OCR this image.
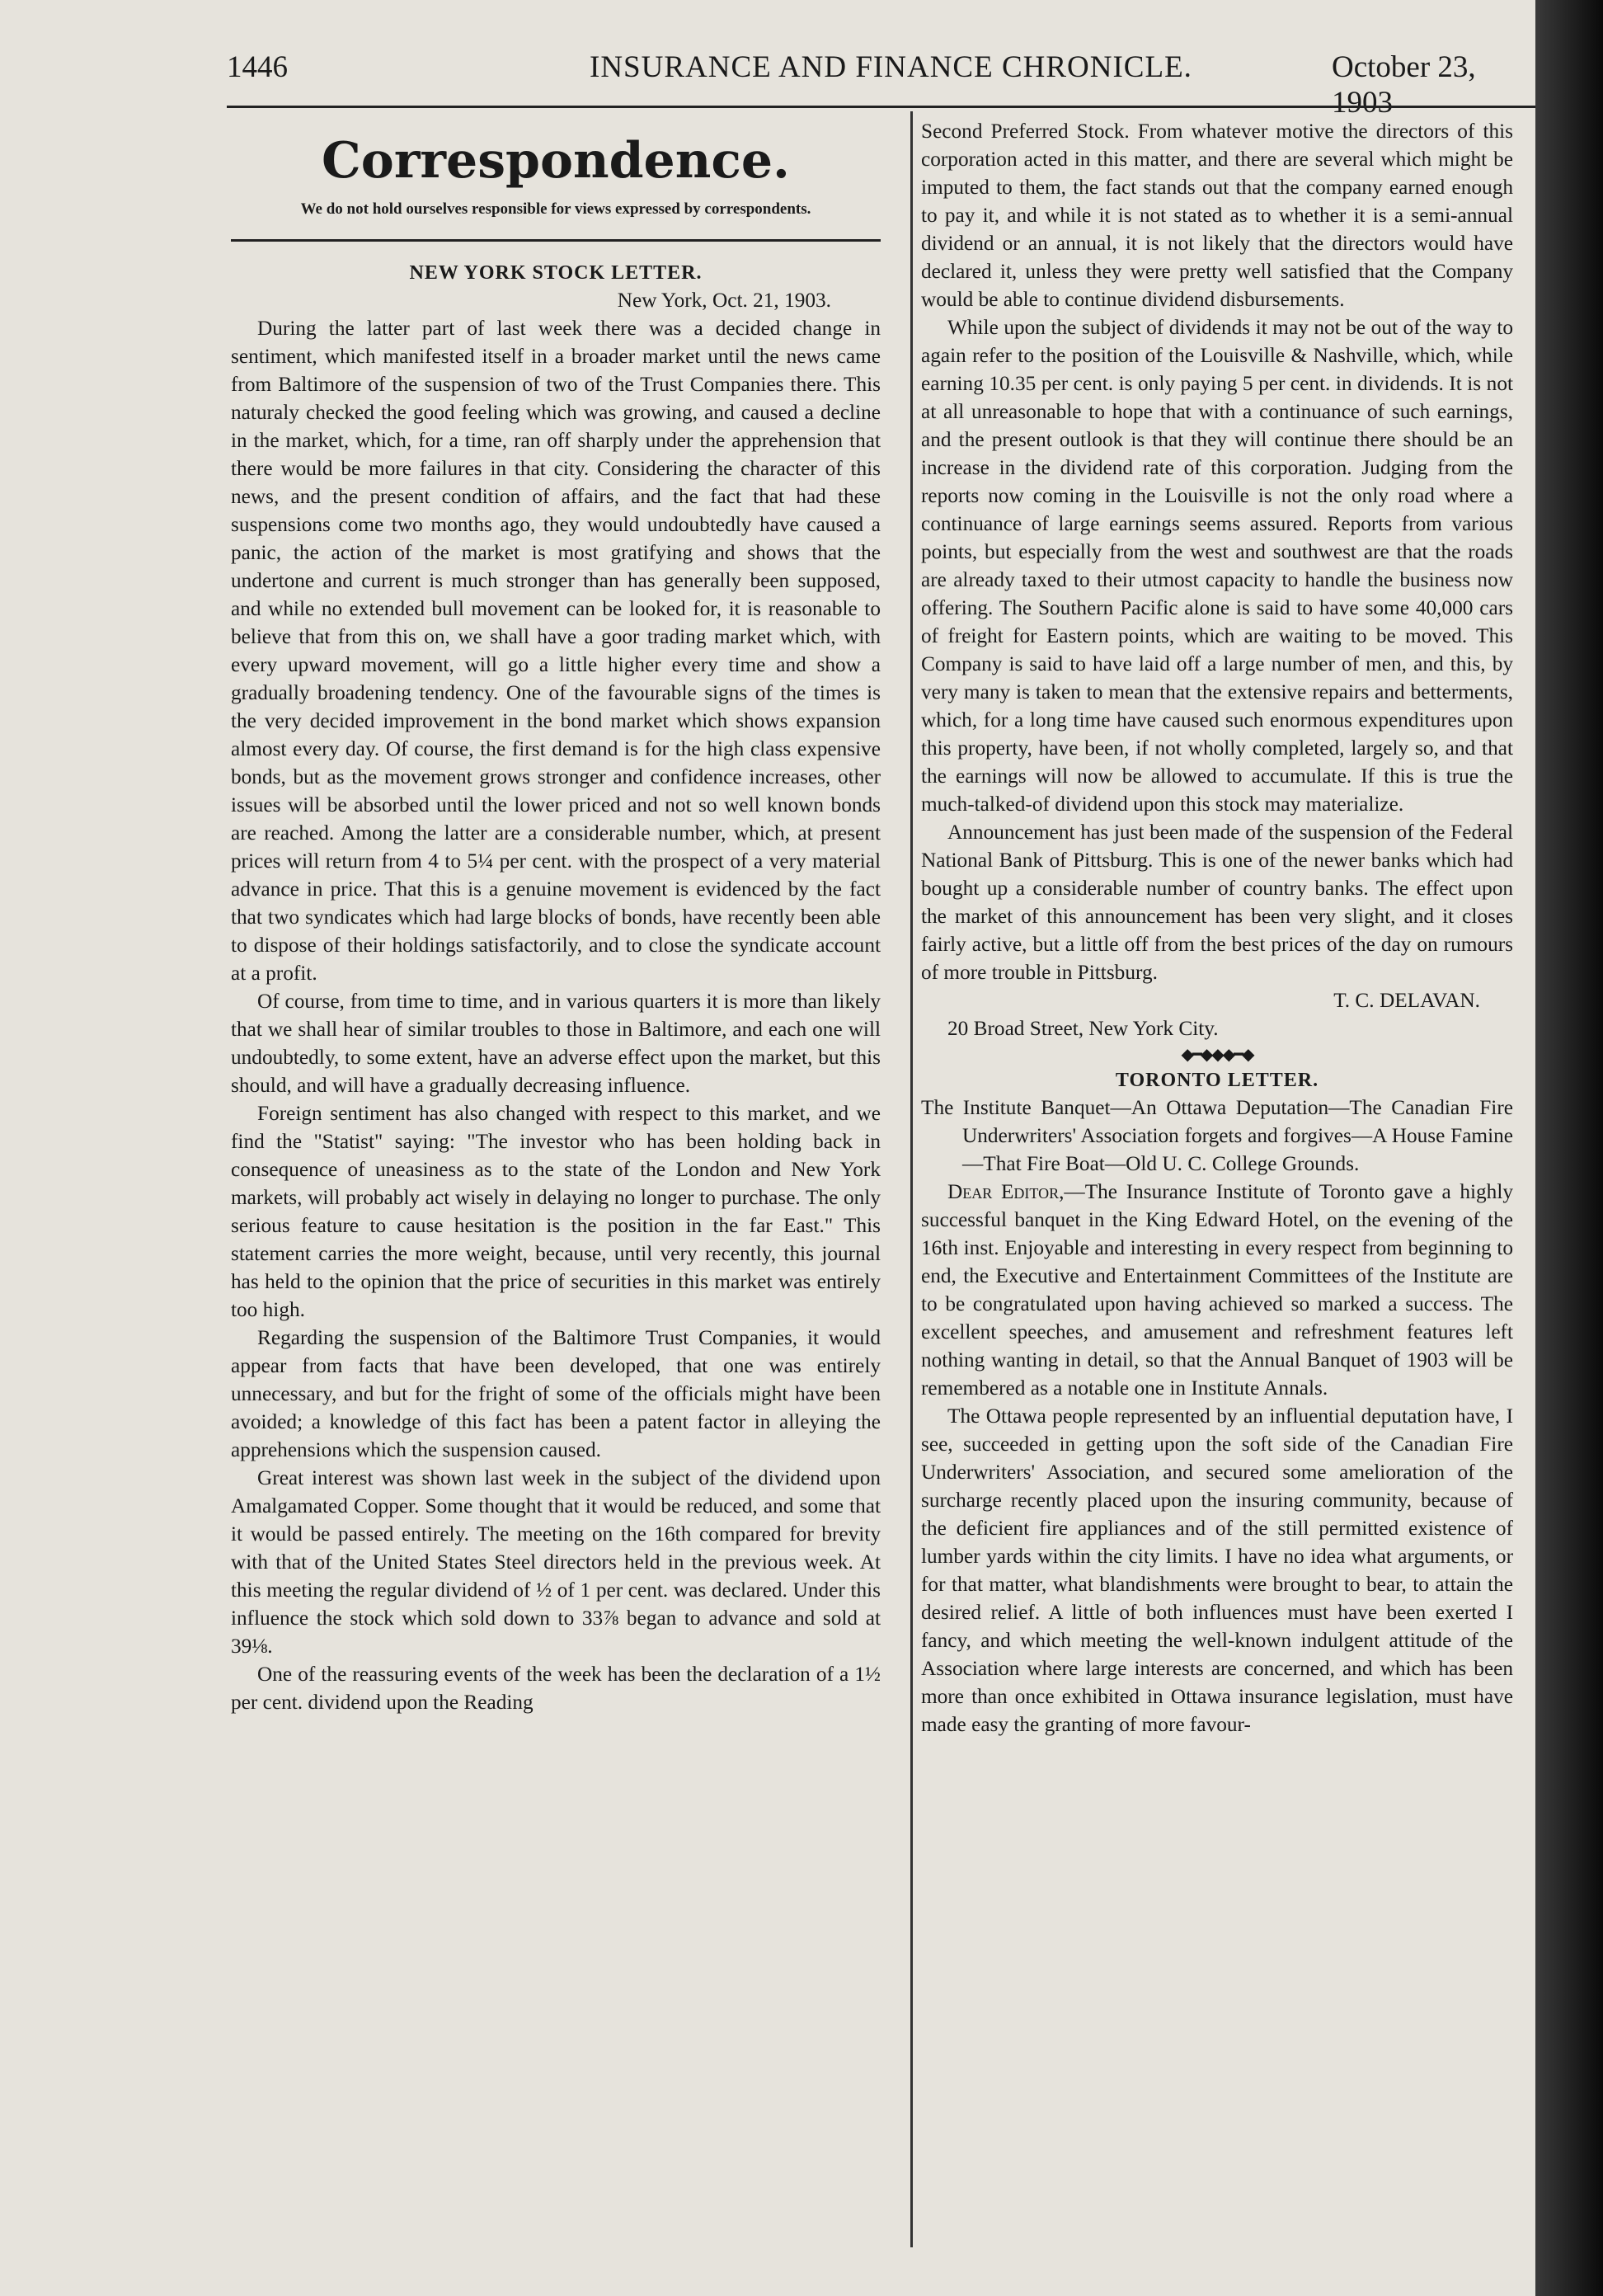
1446	INSURANCE AND FINANCE CHRONICLE.	October 23, 1903
Correspondence.
We do not hold ourselves responsible for views expressed by correspondents.
NEW YORK STOCK LETTER.
New York, Oct. 21, 1903.

During the latter part of last week there was a decided change in sentiment, which manifested itself in a broader market until the news came from Baltimore of the suspension of two of the Trust Companies there. This naturaly checked the good feeling which was growing, and caused a decline in the market, which, for a time, ran off sharply under the apprehension that there would be more failures in that city. Considering the character of this news, and the present condition of affairs, and the fact that had these suspensions come two months ago, they would undoubtedly have caused a panic, the action of the market is most gratifying and shows that the undertone and current is much stronger than has generally been supposed, and while no extended bull movement can be looked for, it is reasonable to believe that from this on, we shall have a goor trading market which, with every upward movement, will go a little higher every time and show a gradually broadening tendency. One of the favourable signs of the times is the very decided improvement in the bond market which shows expansion almost every day. Of course, the first demand is for the high class expensive bonds, but as the movement grows stronger and confidence increases, other issues will be absorbed until the lower priced and not so well known bonds are reached. Among the latter are a considerable number, which, at present prices will return from 4 to 5¼ per cent. with the prospect of a very material advance in price. That this is a genuine movement is evidenced by the fact that two syndicates which had large blocks of bonds, have recently been able to dispose of their holdings satisfactorily, and to close the syndicate account at a profit.

Of course, from time to time, and in various quarters it is more than likely that we shall hear of similar troubles to those in Baltimore, and each one will undoubtedly, to some extent, have an adverse effect upon the market, but this should, and will have a gradually decreasing influence.

Foreign sentiment has also changed with respect to this market, and we find the "Statist" saying: "The investor who has been holding back in consequence of uneasiness as to the state of the London and New York markets, will probably act wisely in delaying no longer to purchase. The only serious feature to cause hesitation is the position in the far East." This statement carries the more weight, because, until very recently, this journal has held to the opinion that the price of securities in this market was entirely too high.

Regarding the suspension of the Baltimore Trust Companies, it would appear from facts that have been developed, that one was entirely unnecessary, and but for the fright of some of the officials might have been avoided; a knowledge of this fact has been a patent factor in alleying the apprehensions which the suspension caused.

Great interest was shown last week in the subject of the dividend upon Amalgamated Copper. Some thought that it would be reduced, and some that it would be passed entirely. The meeting on the 16th compared for brevity with that of the United States Steel directors held in the previous week. At this meeting the regular dividend of ½ of 1 per cent. was declared. Under this influence the stock which sold down to 33⅞ began to advance and sold at 39⅛.

One of the reassuring events of the week has been the declaration of a 1½ per cent. dividend upon the Reading

Second Preferred Stock. From whatever motive the directors of this corporation acted in this matter, and there are several which might be imputed to them, the fact stands out that the company earned enough to pay it, and while it is not stated as to whether it is a semi-annual dividend or an annual, it is not likely that the directors would have declared it, unless they were pretty well satisfied that the Company would be able to continue dividend disbursements.

While upon the subject of dividends it may not be out of the way to again refer to the position of the Louisville & Nashville, which, while earning 10.35 per cent. is only paying 5 per cent. in dividends. It is not at all unreasonable to hope that with a continuance of such earnings, and the present outlook is that they will continue there should be an increase in the dividend rate of this corporation. Judging from the reports now coming in the Louisville is not the only road where a continuance of large earnings seems assured. Reports from various points, but especially from the west and southwest are that the roads are already taxed to their utmost capacity to handle the business now offering. The Southern Pacific alone is said to have some 40,000 cars of freight for Eastern points, which are waiting to be moved. This Company is said to have laid off a large number of men, and this, by very many is taken to mean that the extensive repairs and betterments, which, for a long time have caused such enormous expenditures upon this property, have been, if not wholly completed, largely so, and that the earnings will now be allowed to accumulate. If this is true the much-talked-of dividend upon this stock may materialize.

Announcement has just been made of the suspension of the Federal National Bank of Pittsburg. This is one of the newer banks which had bought up a considerable number of country banks. The effect upon the market of this announcement has been very slight, and it closes fairly active, but a little off from the best prices of the day on rumours of more trouble in Pittsburg.

T. C. DELAVAN.
20 Broad Street, New York City.
◆━◆◆◆━◆
TORONTO LETTER.
The Institute Banquet—An Ottawa Deputation—The Canadian Fire Underwriters' Association forgets and forgives—A House Famine—That Fire Boat—Old U. C. College Grounds.

Dear Editor,—The Insurance Institute of Toronto gave a highly successful banquet in the King Edward Hotel, on the evening of the 16th inst. Enjoyable and interesting in every respect from beginning to end, the Executive and Entertainment Committees of the Institute are to be congratulated upon having achieved so marked a success. The excellent speeches, and amusement and refreshment features left nothing wanting in detail, so that the Annual Banquet of 1903 will be remembered as a notable one in Institute Annals.

The Ottawa people represented by an influential deputation have, I see, succeeded in getting upon the soft side of the Canadian Fire Underwriters' Association, and secured some amelioration of the surcharge recently placed upon the insuring community, because of the deficient fire appliances and of the still permitted existence of lumber yards within the city limits. I have no idea what arguments, or for that matter, what blandishments were brought to bear, to attain the desired relief. A little of both influences must have been exerted I fancy, and which meeting the well-known indulgent attitude of the Association where large interests are concerned, and which has been more than once exhibited in Ottawa insurance legislation, must have made easy the granting of more favour-
